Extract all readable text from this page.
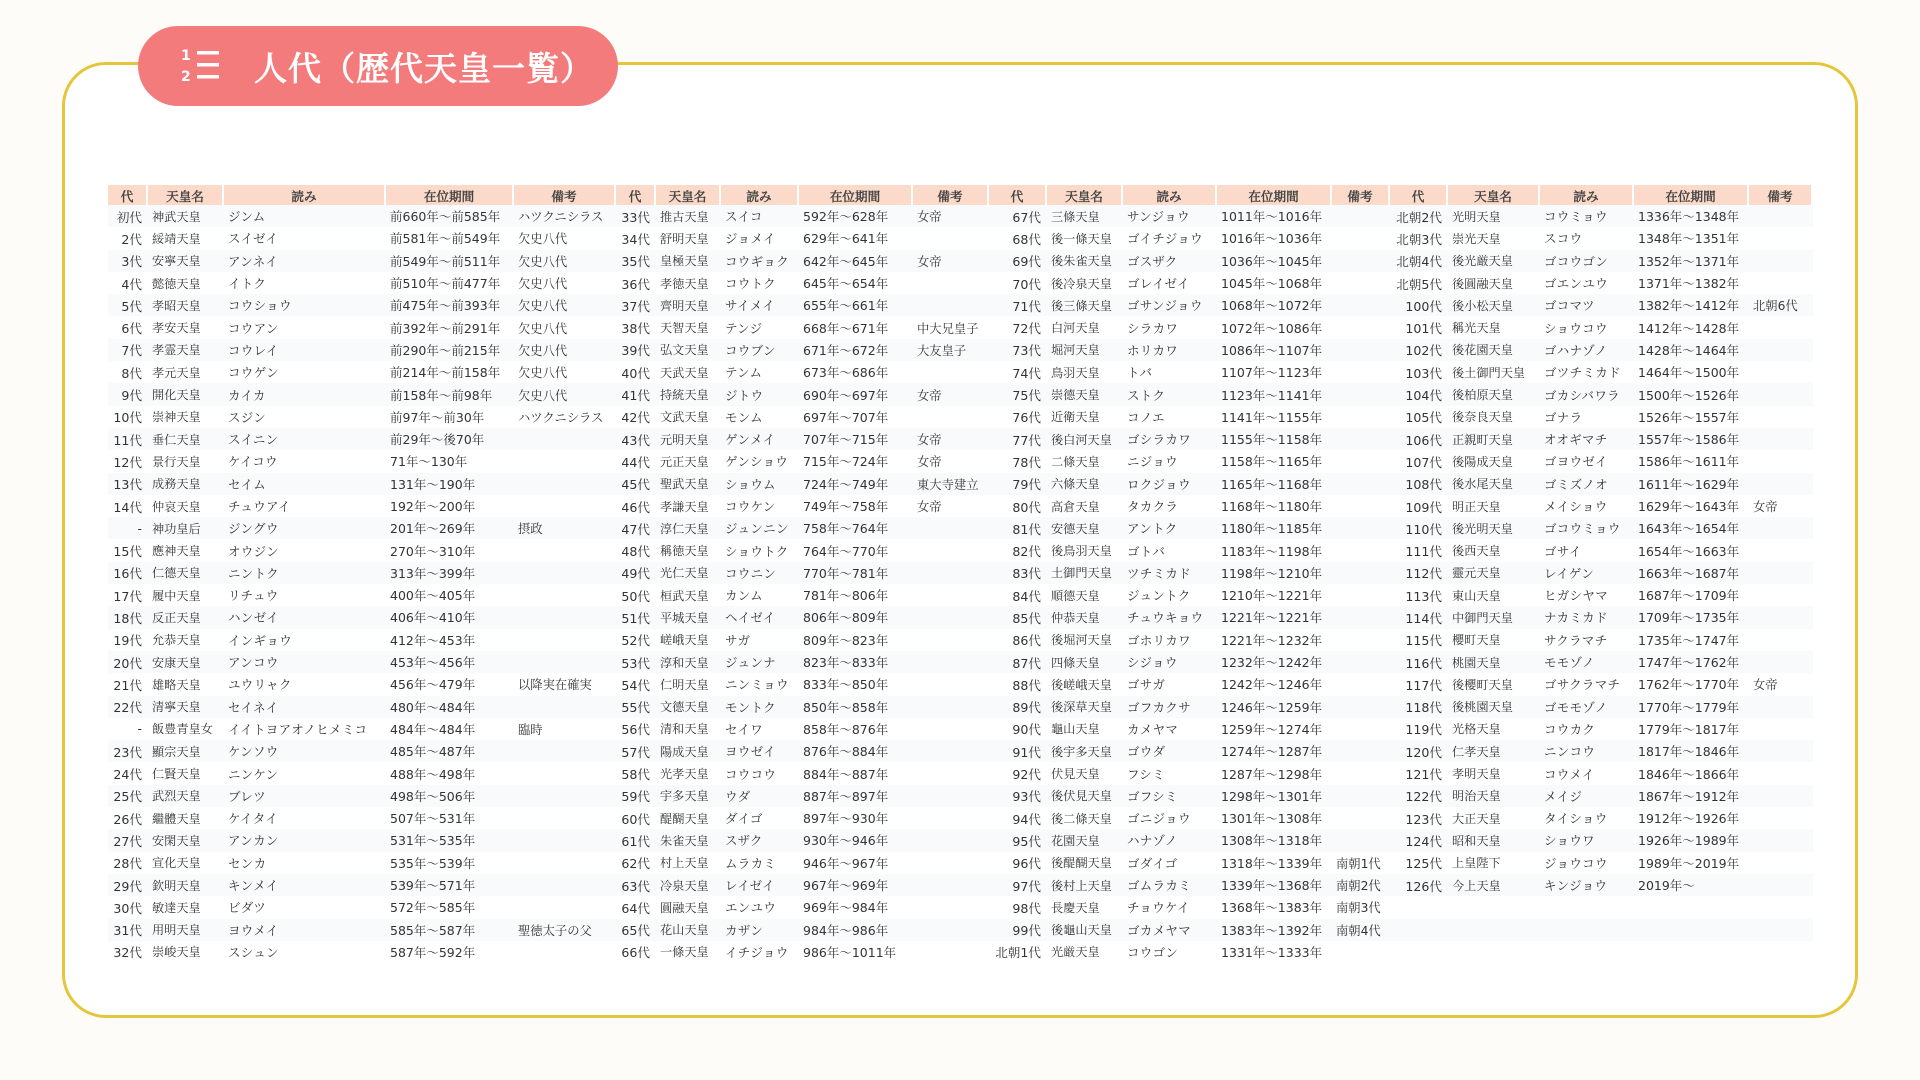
1
2 人代（歴代天皇一覧）
代	天皇名	読み	在位期間	備考
初代	神武天皇	ジンム	前660年〜前585年	ハツクニシラス
2代	綏靖天皇	スイゼイ	前581年〜前549年	欠史八代
3代	安寧天皇	アンネイ	前549年〜前511年	欠史八代
4代	懿徳天皇	イトク	前510年〜前477年	欠史八代
5代	孝昭天皇	コウショウ	前475年〜前393年	欠史八代
6代	孝安天皇	コウアン	前392年〜前291年	欠史八代
7代	孝霊天皇	コウレイ	前290年〜前215年	欠史八代
8代	孝元天皇	コウゲン	前214年〜前158年	欠史八代
9代	開化天皇	カイカ	前158年〜前98年	欠史八代
10代	崇神天皇	スジン	前97年〜前30年	ハツクニシラス
11代	垂仁天皇	スイニン	前29年〜後70年	
12代	景行天皇	ケイコウ	71年〜130年	
13代	成務天皇	セイム	131年〜190年	
14代	仲哀天皇	チュウアイ	192年〜200年	
-	神功皇后	ジングウ	201年〜269年	摂政
15代	應神天皇	オウジン	270年〜310年	
16代	仁德天皇	ニントク	313年〜399年	
17代	履中天皇	リチュウ	400年〜405年	
18代	反正天皇	ハンゼイ	406年〜410年	
19代	允恭天皇	インギョウ	412年〜453年	
20代	安康天皇	アンコウ	453年〜456年	
21代	雄略天皇	ユウリャク	456年〜479年	以降実在確実
22代	清寧天皇	セイネイ	480年〜484年	
-	飯豊青皇女	イイトヨアオノヒメミコ	484年〜484年	臨時
23代	顯宗天皇	ケンソウ	485年〜487年	
24代	仁賢天皇	ニンケン	488年〜498年	
25代	武烈天皇	ブレツ	498年〜506年	
26代	繼體天皇	ケイタイ	507年〜531年	
27代	安閑天皇	アンカン	531年〜535年	
28代	宣化天皇	センカ	535年〜539年	
29代	欽明天皇	キンメイ	539年〜571年	
30代	敏達天皇	ビダツ	572年〜585年	
31代	用明天皇	ヨウメイ	585年〜587年	聖徳太子の父
32代	崇峻天皇	スシュン	587年〜592年	
代	天皇名	読み	在位期間	備考
33代	推古天皇	スイコ	592年〜628年	女帝
34代	舒明天皇	ジョメイ	629年〜641年	
35代	皇極天皇	コウギョク	642年〜645年	女帝
36代	孝徳天皇	コウトク	645年〜654年	
37代	齊明天皇	サイメイ	655年〜661年	
38代	天智天皇	テンジ	668年〜671年	中大兄皇子
39代	弘文天皇	コウブン	671年〜672年	大友皇子
40代	天武天皇	テンム	673年〜686年	
41代	持統天皇	ジトウ	690年〜697年	女帝
42代	文武天皇	モンム	697年〜707年	
43代	元明天皇	ゲンメイ	707年〜715年	女帝
44代	元正天皇	ゲンショウ	715年〜724年	女帝
45代	聖武天皇	ショウム	724年〜749年	東大寺建立
46代	孝謙天皇	コウケン	749年〜758年	女帝
47代	淳仁天皇	ジュンニン	758年〜764年	
48代	稱徳天皇	ショウトク	764年〜770年	
49代	光仁天皇	コウニン	770年〜781年	
50代	桓武天皇	カンム	781年〜806年	
51代	平城天皇	ヘイゼイ	806年〜809年	
52代	嵯峨天皇	サガ	809年〜823年	
53代	淳和天皇	ジュンナ	823年〜833年	
54代	仁明天皇	ニンミョウ	833年〜850年	
55代	文德天皇	モントク	850年〜858年	
56代	清和天皇	セイワ	858年〜876年	
57代	陽成天皇	ヨウゼイ	876年〜884年	
58代	光孝天皇	コウコウ	884年〜887年	
59代	宇多天皇	ウダ	887年〜897年	
60代	醍醐天皇	ダイゴ	897年〜930年	
61代	朱雀天皇	スザク	930年〜946年	
62代	村上天皇	ムラカミ	946年〜967年	
63代	冷泉天皇	レイゼイ	967年〜969年	
64代	圓融天皇	エンユウ	969年〜984年	
65代	花山天皇	カザン	984年〜986年	
66代	一條天皇	イチジョウ	986年〜1011年	
代	天皇名	読み	在位期間	備考
67代	三條天皇	サンジョウ	1011年〜1016年	
68代	後一條天皇	ゴイチジョウ	1016年〜1036年	
69代	後朱雀天皇	ゴスザク	1036年〜1045年	
70代	後冷泉天皇	ゴレイゼイ	1045年〜1068年	
71代	後三條天皇	ゴサンジョウ	1068年〜1072年	
72代	白河天皇	シラカワ	1072年〜1086年	
73代	堀河天皇	ホリカワ	1086年〜1107年	
74代	鳥羽天皇	トバ	1107年〜1123年	
75代	崇德天皇	ストク	1123年〜1141年	
76代	近衛天皇	コノエ	1141年〜1155年	
77代	後白河天皇	ゴシラカワ	1155年〜1158年	
78代	二條天皇	ニジョウ	1158年〜1165年	
79代	六條天皇	ロクジョウ	1165年〜1168年	
80代	高倉天皇	タカクラ	1168年〜1180年	
81代	安德天皇	アントク	1180年〜1185年	
82代	後鳥羽天皇	ゴトバ	1183年〜1198年	
83代	土御門天皇	ツチミカド	1198年〜1210年	
84代	順德天皇	ジュントク	1210年〜1221年	
85代	仲恭天皇	チュウキョウ	1221年〜1221年	
86代	後堀河天皇	ゴホリカワ	1221年〜1232年	
87代	四條天皇	シジョウ	1232年〜1242年	
88代	後嵯峨天皇	ゴサガ	1242年〜1246年	
89代	後深草天皇	ゴフカクサ	1246年〜1259年	
90代	龜山天皇	カメヤマ	1259年〜1274年	
91代	後宇多天皇	ゴウダ	1274年〜1287年	
92代	伏見天皇	フシミ	1287年〜1298年	
93代	後伏見天皇	ゴフシミ	1298年〜1301年	
94代	後二條天皇	ゴニジョウ	1301年〜1308年	
95代	花園天皇	ハナゾノ	1308年〜1318年	
96代	後醍醐天皇	ゴダイゴ	1318年〜1339年	南朝1代
97代	後村上天皇	ゴムラカミ	1339年〜1368年	南朝2代
98代	長慶天皇	チョウケイ	1368年〜1383年	南朝3代
99代	後龜山天皇	ゴカメヤマ	1383年〜1392年	南朝4代
北朝1代	光厳天皇	コウゴン	1331年〜1333年	
代	天皇名	読み	在位期間	備考
北朝2代	光明天皇	コウミョウ	1336年〜1348年	
北朝3代	崇光天皇	スコウ	1348年〜1351年	
北朝4代	後光厳天皇	ゴコウゴン	1352年〜1371年	
北朝5代	後圓融天皇	ゴエンユウ	1371年〜1382年	
100代	後小松天皇	ゴコマツ	1382年〜1412年	北朝6代
101代	稱光天皇	ショウコウ	1412年〜1428年	
102代	後花園天皇	ゴハナゾノ	1428年〜1464年	
103代	後土御門天皇	ゴツチミカド	1464年〜1500年	
104代	後柏原天皇	ゴカシバワラ	1500年〜1526年	
105代	後奈良天皇	ゴナラ	1526年〜1557年	
106代	正親町天皇	オオギマチ	1557年〜1586年	
107代	後陽成天皇	ゴヨウゼイ	1586年〜1611年	
108代	後水尾天皇	ゴミズノオ	1611年〜1629年	
109代	明正天皇	メイショウ	1629年〜1643年	女帝
110代	後光明天皇	ゴコウミョウ	1643年〜1654年	
111代	後西天皇	ゴサイ	1654年〜1663年	
112代	靈元天皇	レイゲン	1663年〜1687年	
113代	東山天皇	ヒガシヤマ	1687年〜1709年	
114代	中御門天皇	ナカミカド	1709年〜1735年	
115代	櫻町天皇	サクラマチ	1735年〜1747年	
116代	桃園天皇	モモゾノ	1747年〜1762年	
117代	後櫻町天皇	ゴサクラマチ	1762年〜1770年	女帝
118代	後桃園天皇	ゴモモゾノ	1770年〜1779年	
119代	光格天皇	コウカク	1779年〜1817年	
120代	仁孝天皇	ニンコウ	1817年〜1846年	
121代	孝明天皇	コウメイ	1846年〜1866年	
122代	明治天皇	メイジ	1867年〜1912年	
123代	大正天皇	タイショウ	1912年〜1926年	
124代	昭和天皇	ショウワ	1926年〜1989年	
125代	上皇陛下	ジョウコウ	1989年〜2019年	
126代	今上天皇	キンジョウ	2019年〜	
